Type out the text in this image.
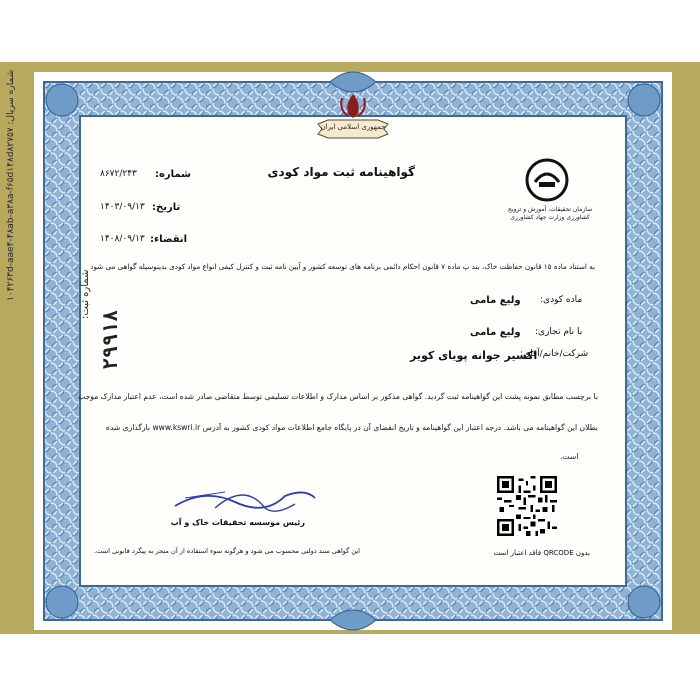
شماره سریال: ۱۰۴۲۶۳d-aae۴-۴۸ab-a۳۸a-f۶۵d۱۴۸d۸۲۷۵۷	جمهوری اسلامی ایران
گواهینامه ثبت مواد کودی
شماره:
۸۶۷۲/۲۴۳
تاریخ:
۱۴۰۳/۰۹/۱۳
انقضاء:
۱۴۰۸/۰۹/۱۳
سازمان تحقیقات، آموزش و ترویج
کشاورزی وزارت جهاد کشاورزی
به استناد ماده ۱۵ قانون حفاظت خاک، بند پ ماده ۷ قانون احکام دائمی برنامه های توسعه کشور و آیین نامه ثبت و کنترل کیفی انواع مواد کودی بدینوسیله گواهی می شود
ماده کودی:
ولیع مامی
با نام تجاری:
ولیع مامی
شرکت/خانم/آقای:
اکسیر جوانه پویای کویر
با برچسب مطابق نمونه پشت این گواهینامه ثبت گردید. گواهی مذکور بر اساس مدارک و اطلاعات تسلیمی توسط متقاضی صادر شده است، عدم اعتبار مدارک موجب
بطلان این گواهینامه می باشد. درجه اعتبار این گواهینامه و تاریخ انقضای آن در پایگاه جامع اطلاعات مواد کودی کشور به آدرس www.kswri.ir بارگذاری شده
است.
شماره ثبت:
۲۹۹۱۸
رئیس موسسه تحقیقات خاک و آب
این گواهی سند دولتی محسوب می شود و هرگونه سوء استفاده از آن منجر به پیگرد قانونی است.	بدون QRCODE فاقد اعتبار است
